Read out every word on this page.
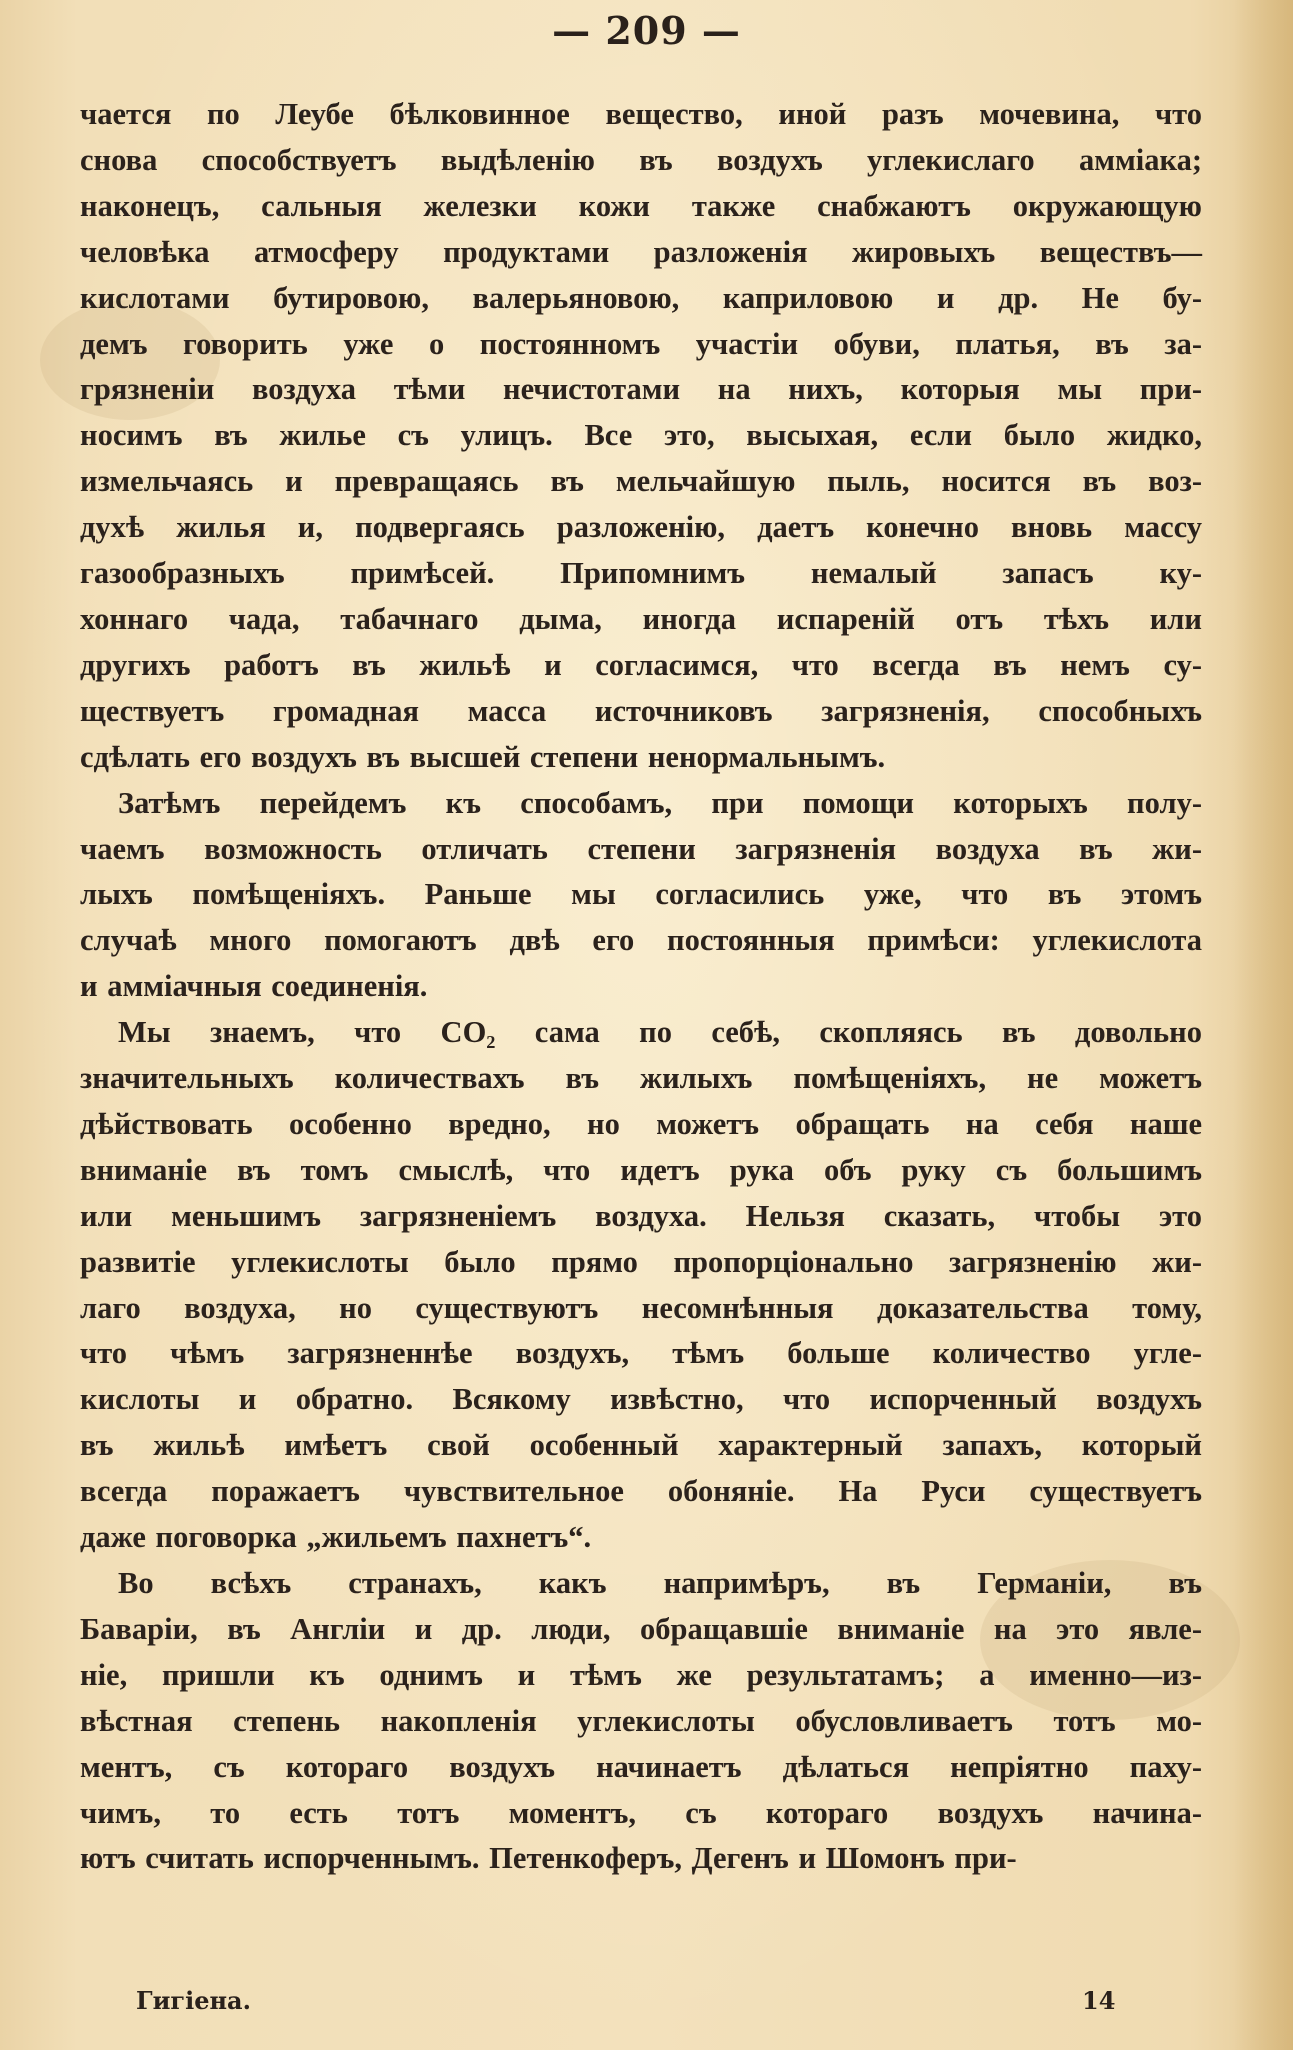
— 209 —

чается по Леубе бѣлковинное вещество, иной разъ мочевина, что
снова способствуетъ выдѣленію въ воздухъ углекислаго амміака;
наконецъ, сальныя железки кожи также снабжаютъ окружающую
человѣка атмосферу продуктами разложенія жировыхъ веществъ—
кислотами бутировою, валерьяновою, каприловою и др. Не бу-
демъ говорить уже о постоянномъ участіи обуви, платья, въ за-
грязненіи воздуха тѣми нечистотами на нихъ, которыя мы при-
носимъ въ жилье съ улицъ. Все это, высыхая, если было жидко,
измельчаясь и превращаясь въ мельчайшую пыль, носится въ воз-
духѣ жилья и, подвергаясь разложенію, даетъ конечно вновь массу
газообразныхъ примѣсей. Припомнимъ немалый запасъ ку-
хоннаго чада, табачнаго дыма, иногда испареній отъ тѣхъ или
другихъ работъ въ жильѣ и согласимся, что всегда въ немъ су-
ществуетъ громадная масса источниковъ загрязненія, способныхъ
сдѣлать его воздухъ въ высшей степени ненормальнымъ.

Затѣмъ перейдемъ къ способамъ, при помощи которыхъ полу-
чаемъ возможность отличать степени загрязненія воздуха въ жи-
лыхъ помѣщеніяхъ. Раньше мы согласились уже, что въ этомъ
случаѣ много помогаютъ двѣ его постоянныя примѣси: углекислота
и амміачныя соединенія.

Мы знаемъ, что CO₂ сама по себѣ, скопляясь въ довольно
значительныхъ количествахъ въ жилыхъ помѣщеніяхъ, не можетъ
дѣйствовать особенно вредно, но можетъ обращать на себя наше
вниманіе въ томъ смыслѣ, что идетъ рука объ руку съ большимъ
или меньшимъ загрязненіемъ воздуха. Нельзя сказать, чтобы это
развитіе углекислоты было прямо пропорціонально загрязненію жи-
лаго воздуха, но существуютъ несомнѣнныя доказательства тому,
что чѣмъ загрязненнѣе воздухъ, тѣмъ больше количество угле-
кислоты и обратно. Всякому извѣстно, что испорченный воздухъ
въ жильѣ имѣетъ свой особенный характерный запахъ, который
всегда поражаетъ чувствительное обоняніе. На Руси существуетъ
даже поговорка „жильемъ пахнетъ“.

Во всѣхъ странахъ, какъ напримѣръ, въ Германіи, въ
Баваріи, въ Англіи и др. люди, обращавшіе вниманіе на это явле-
ніе, пришли къ однимъ и тѣмъ же результатамъ; а именно—из-
вѣстная степень накопленія углекислоты обусловливаетъ тотъ мо-
ментъ, съ котораго воздухъ начинаетъ дѣлаться непріятно паху-
чимъ, то есть тотъ моментъ, съ котораго воздухъ начина-
ютъ считать испорченнымъ. Петенкоферъ, Дегенъ и Шомонъ при-

Гигіена.	14
